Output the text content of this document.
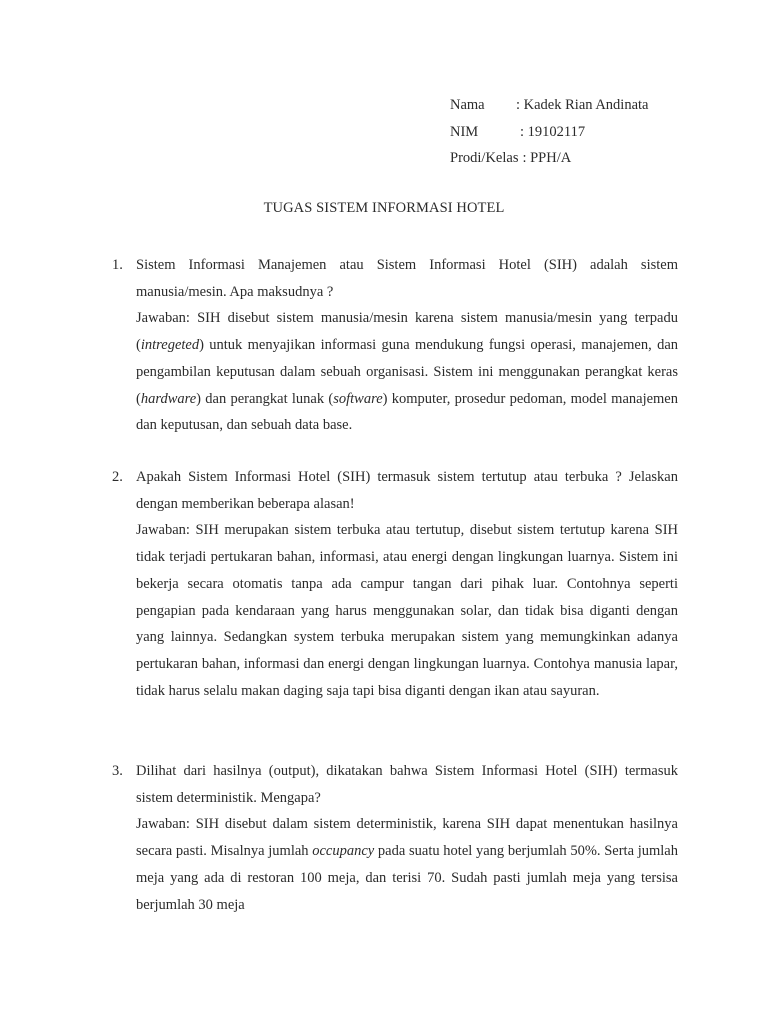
Nama	: Kadek Rian Andinata
NIM	: 19102117
Prodi/Kelas : PPH/A
TUGAS SISTEM INFORMASI HOTEL
1. Sistem Informasi Manajemen atau Sistem Informasi Hotel (SIH) adalah sistem manusia/mesin. Apa maksudnya ?

Jawaban: SIH disebut sistem manusia/mesin karena sistem manusia/mesin yang terpadu (intregeted) untuk menyajikan informasi guna mendukung fungsi operasi, manajemen, dan pengambilan keputusan dalam sebuah organisasi. Sistem ini menggunakan perangkat keras (hardware) dan perangkat lunak (software) komputer, prosedur pedoman, model manajemen dan keputusan, dan sebuah data base.

2. Apakah Sistem Informasi Hotel (SIH) termasuk sistem tertutup atau terbuka ? Jelaskan dengan memberikan beberapa alasan!

Jawaban: SIH merupakan sistem terbuka atau tertutup, disebut sistem tertutup karena SIH tidak terjadi pertukaran bahan, informasi, atau energi dengan lingkungan luarnya. Sistem ini bekerja secara otomatis tanpa ada campur tangan dari pihak luar. Contohnya seperti pengapian pada kendaraan yang harus menggunakan solar, dan tidak bisa diganti dengan yang lainnya. Sedangkan system terbuka merupakan sistem yang memungkinkan adanya pertukaran bahan, informasi dan energi dengan lingkungan luarnya. Contohya manusia lapar, tidak harus selalu makan daging saja tapi bisa diganti dengan ikan atau sayuran.

3. Dilihat dari hasilnya (output), dikatakan bahwa Sistem Informasi Hotel (SIH) termasuk sistem deterministik. Mengapa?

Jawaban: SIH disebut dalam sistem deterministik, karena SIH dapat menentukan hasilnya secara pasti. Misalnya jumlah occupancy pada suatu hotel yang berjumlah 50%. Serta jumlah meja yang ada di restoran 100 meja, dan terisi 70. Sudah pasti jumlah meja yang tersisa berjumlah 30 meja
